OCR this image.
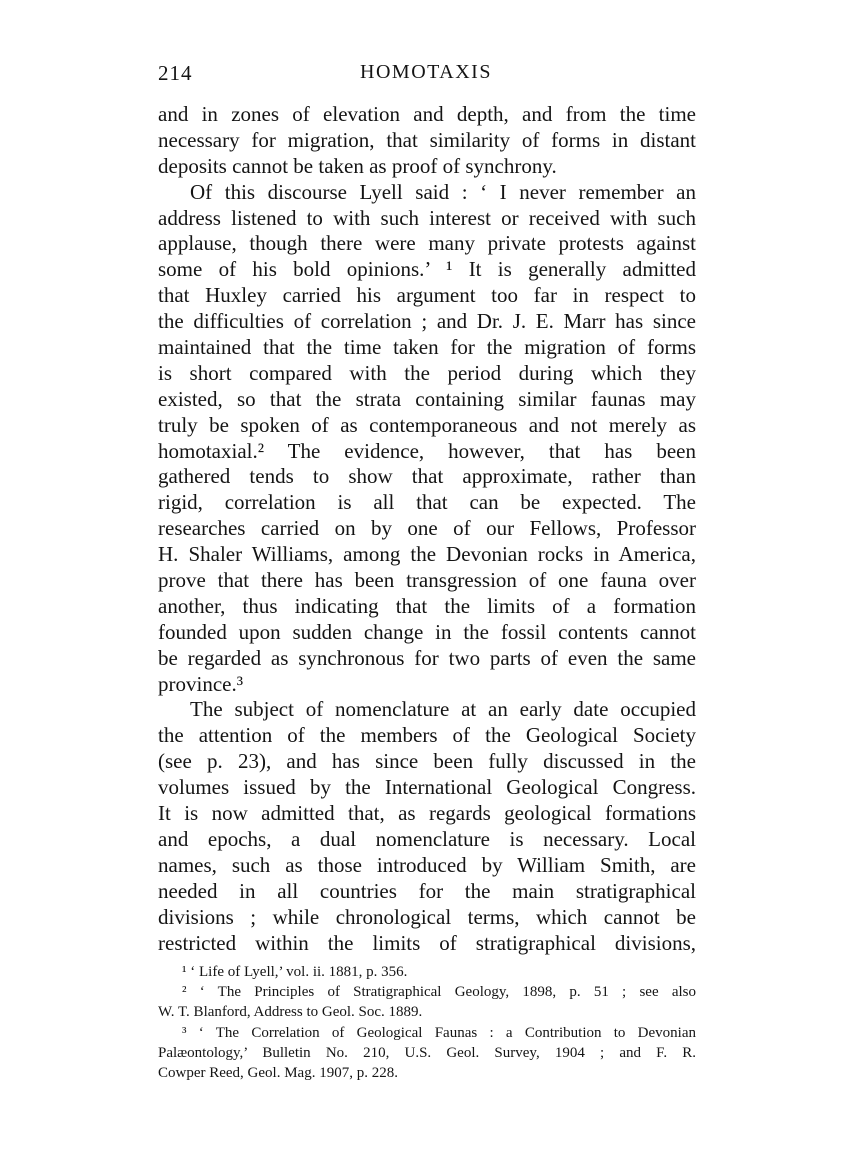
214	HOMOTAXIS
and in zones of elevation and depth, and from the time
necessary for migration, that similarity of forms in distant
deposits cannot be taken as proof of synchrony.
Of this discourse Lyell said : ‘ I never remember an
address listened to with such interest or received with such
applause, though there were many private protests against
some of his bold opinions.’ ¹ It is generally admitted
that Huxley carried his argument too far in respect to
the difficulties of correlation ; and Dr. J. E. Marr has since
maintained that the time taken for the migration of forms
is short compared with the period during which they
existed, so that the strata containing similar faunas may
truly be spoken of as contemporaneous and not merely as
homotaxial.² The evidence, however, that has been
gathered tends to show that approximate, rather than
rigid, correlation is all that can be expected. The
researches carried on by one of our Fellows, Professor
H. Shaler Williams, among the Devonian rocks in America,
prove that there has been transgression of one fauna over
another, thus indicating that the limits of a formation
founded upon sudden change in the fossil contents cannot
be regarded as synchronous for two parts of even the same
province.³
The subject of nomenclature at an early date occupied
the attention of the members of the Geological Society
(see p. 23), and has since been fully discussed in the
volumes issued by the International Geological Congress.
It is now admitted that, as regards geological formations
and epochs, a dual nomenclature is necessary. Local
names, such as those introduced by William Smith, are
needed in all countries for the main stratigraphical
divisions ; while chronological terms, which cannot be
restricted within the limits of stratigraphical divisions,
¹ ‘ Life of Lyell,’ vol. ii. 1881, p. 356.
² ‘ The Principles of Stratigraphical Geology, 1898, p. 51 ; see also
W. T. Blanford, Address to Geol. Soc. 1889.
³ ‘ The Correlation of Geological Faunas : a Contribution to Devonian
Palæontology,’ Bulletin No. 210, U.S. Geol. Survey, 1904 ; and F. R.
Cowper Reed, Geol. Mag. 1907, p. 228.
